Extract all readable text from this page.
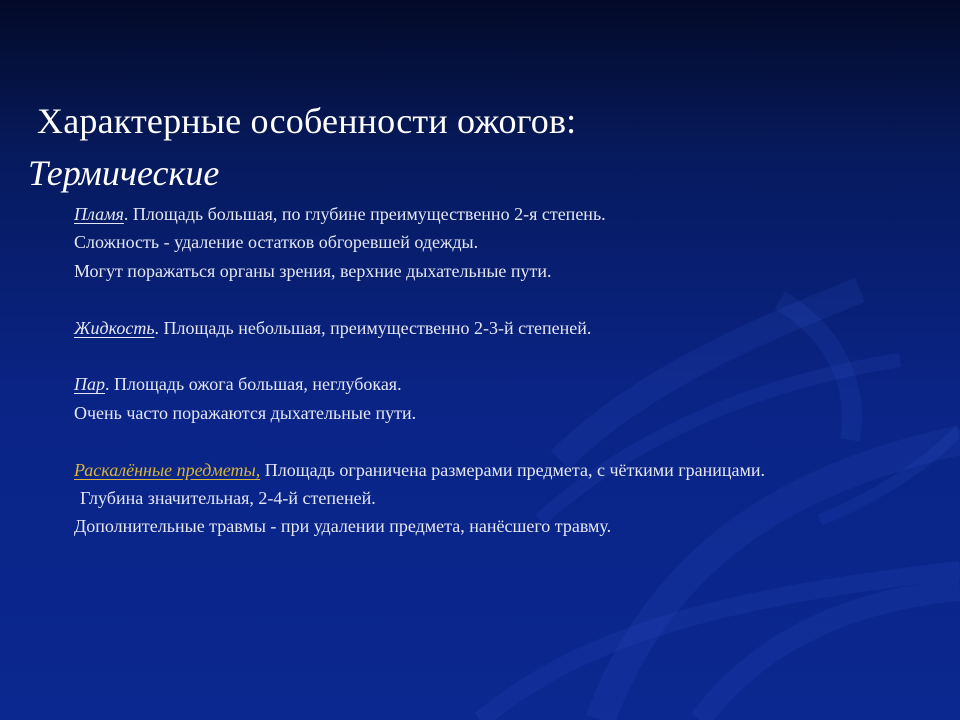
Характерные особенности ожогов:
Термические
Пламя. Площадь большая, по глубине преимущественно 2-я степень.
Сложность - удаление остатков обгоревшей одежды.
Могут поражаться органы зрения, верхние дыхательные пути.
Жидкость. Площадь небольшая, преимущественно 2-3-й степеней.
Пар. Площадь ожога большая, неглубокая.
Очень часто поражаются дыхательные пути.
Раскалённые предметы, Площадь ограничена размерами предмета, с чёткими границами.
Глубина значительная, 2-4-й степеней.
Дополнительные травмы - при удалении предмета, нанёсшего травму.
